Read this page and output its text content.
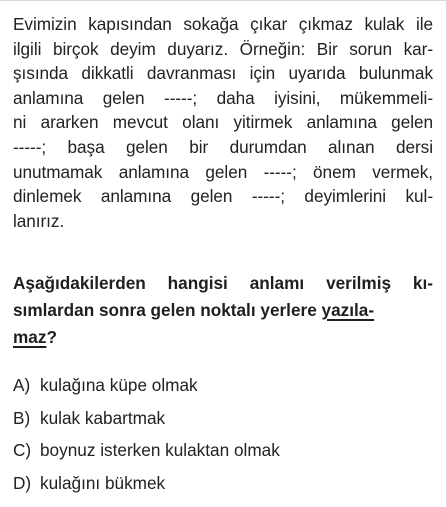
Evimizin kapısından sokağa çıkar çıkmaz kulak ile
ilgili birçok deyim duyarız. Örneğin: Bir sorun kar-
şısında dikkatli davranması için uyarıda bulunmak
anlamına gelen -----; daha iyisini, mükemmeli-
ni ararken mevcut olanı yitirmek anlamına gelen
-----; başa gelen bir durumdan alınan dersi
unutmamak anlamına gelen -----; önem vermek,
dinlemek anlamına gelen -----; deyimlerini kul-
lanırız.
Aşağıdakilerden hangisi anlamı verilmiş kı-
sımlardan sonra gelen noktalı yerlere yazıla-
maz?
A) kulağına küpe olmak
B) kulak kabartmak
C) boynuz isterken kulaktan olmak
D) kulağını bükmek
